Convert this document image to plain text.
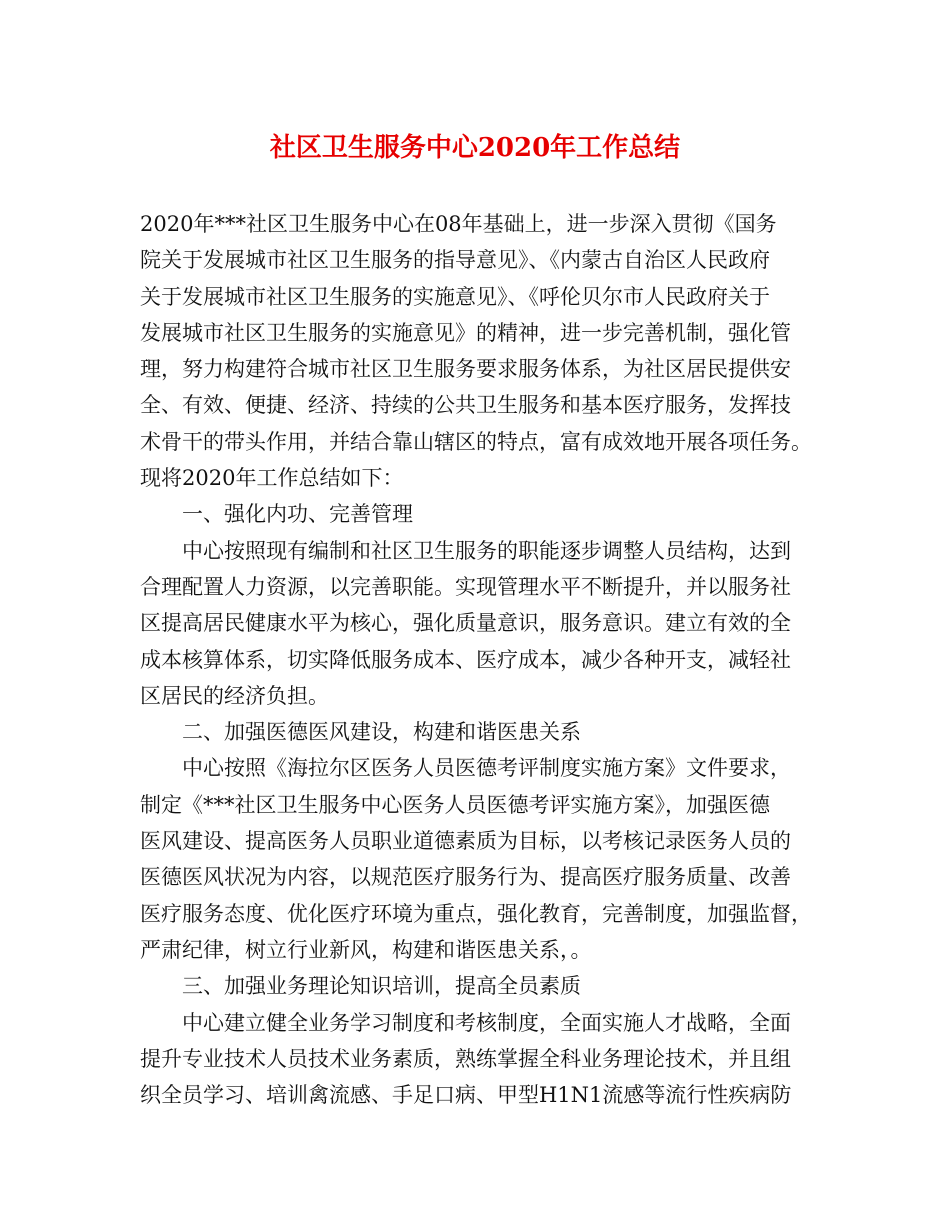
社区卫生服务中心2020年工作总结

2020年***社区卫生服务中心在08年基础上，进一步深入贯彻《国务
院关于发展城市社区卫生服务的指导意见》、《内蒙古自治区人民政府
关于发展城市社区卫生服务的实施意见》、《呼伦贝尔市人民政府关于
发展城市社区卫生服务的实施意见》的精神，进一步完善机制，强化管
理，努力构建符合城市社区卫生服务要求服务体系，为社区居民提供安
全、有效、便捷、经济、持续的公共卫生服务和基本医疗服务，发挥技
术骨干的带头作用，并结合靠山辖区的特点，富有成效地开展各项任务。
现将2020年工作总结如下：

一、强化内功、完善管理

中心按照现有编制和社区卫生服务的职能逐步调整人员结构，达到
合理配置人力资源，以完善职能。实现管理水平不断提升，并以服务社
区提高居民健康水平为核心，强化质量意识，服务意识。建立有效的全
成本核算体系，切实降低服务成本、医疗成本，减少各种开支，减轻社
区居民的经济负担。

二、加强医德医风建设，构建和谐医患关系

中心按照《海拉尔区医务人员医德考评制度实施方案》文件要求，
制定《***社区卫生服务中心医务人员医德考评实施方案》，加强医德
医风建设、提高医务人员职业道德素质为目标，以考核记录医务人员的
医德医风状况为内容，以规范医疗服务行为、提高医疗服务质量、改善
医疗服务态度、优化医疗环境为重点，强化教育，完善制度，加强监督，
严肃纪律，树立行业新风，构建和谐医患关系，。

三、加强业务理论知识培训，提高全员素质

中心建立健全业务学习制度和考核制度，全面实施人才战略，全面
提升专业技术人员技术业务素质，熟练掌握全科业务理论技术，并且组
织全员学习、培训禽流感、手足口病、甲型H1N1流感等流行性疾病防
